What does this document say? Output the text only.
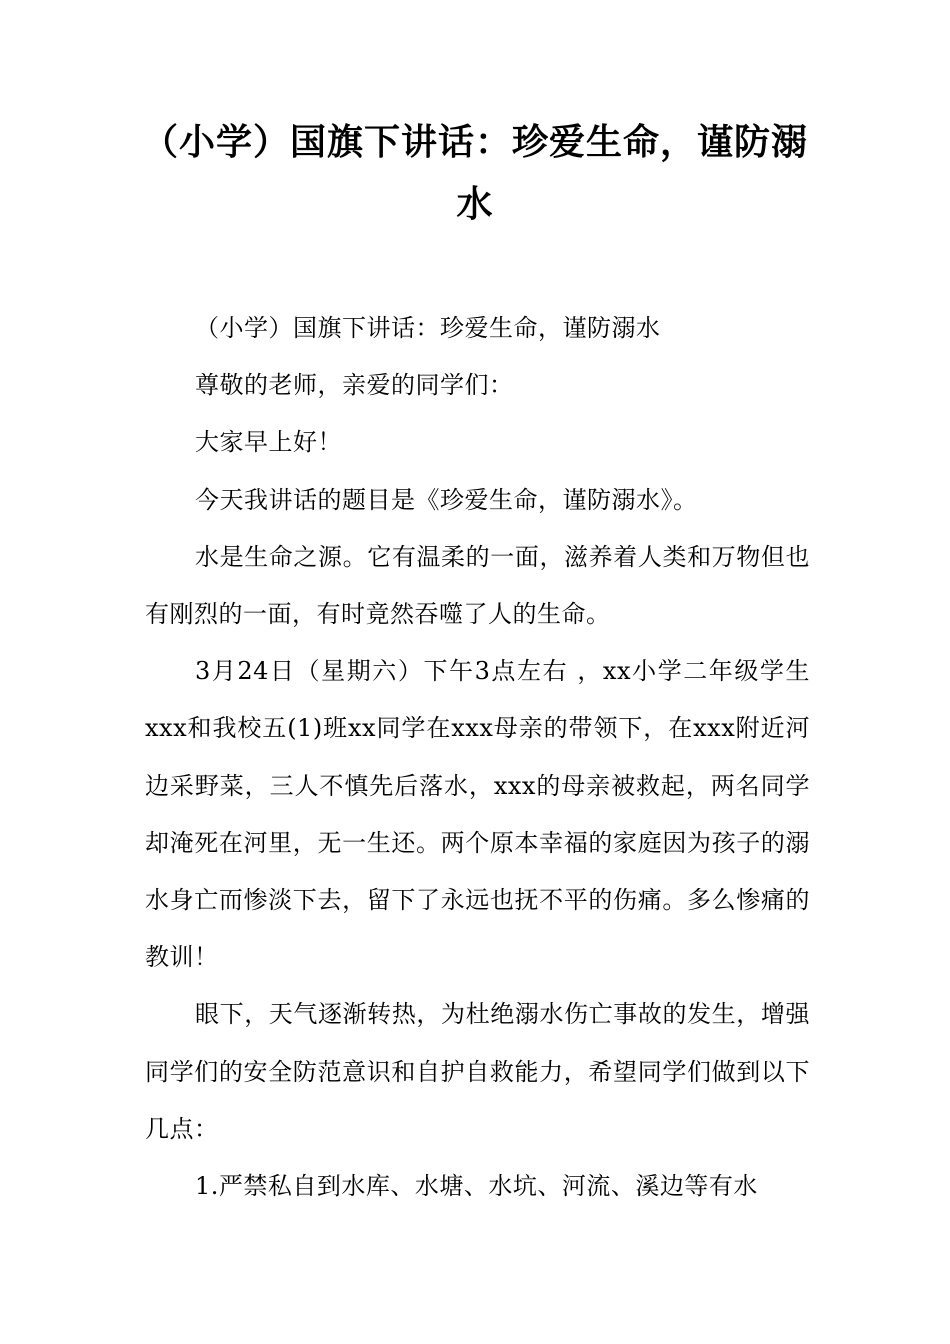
（小学）国旗下讲话：珍爱生命，谨防溺水

（小学）国旗下讲话：珍爱生命，谨防溺水

尊敬的老师，亲爱的同学们：

大家早上好！

今天我讲话的题目是《珍爱生命，谨防溺水》。

水是生命之源。它有温柔的一面，滋养着人类和万物但也有刚烈的一面，有时竟然吞噬了人的生命。

3月24日（星期六）下午3点左右 ，xx小学二年级学生xxx和我校五(1)班xx同学在xxx母亲的带领下，在xxx附近河边采野菜，三人不慎先后落水，xxx的母亲被救起，两名同学却淹死在河里，无一生还。两个原本幸福的家庭因为孩子的溺水身亡而惨淡下去，留下了永远也抚不平的伤痛。多么惨痛的教训！

眼下，天气逐渐转热，为杜绝溺水伤亡事故的发生，增强同学们的安全防范意识和自护自救能力，希望同学们做到以下几点：

1.严禁私自到水库、水塘、水坑、河流、溪边等有水
